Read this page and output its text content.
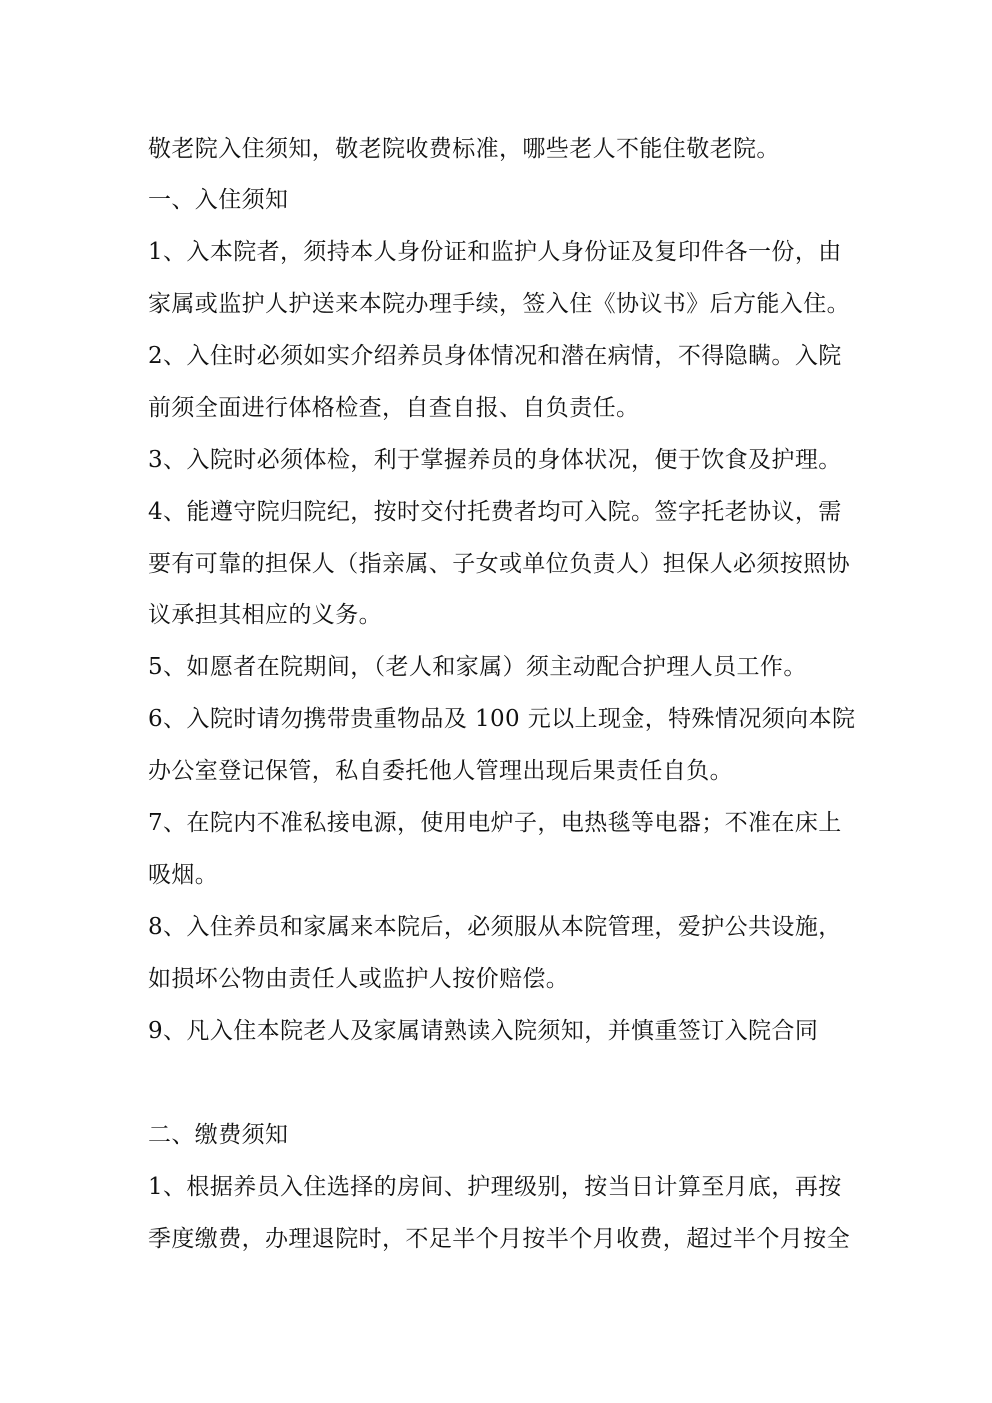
敬老院入住须知，敬老院收费标准，哪些老人不能住敬老院。
一、入住须知
1、入本院者，须持本人身份证和监护人身份证及复印件各一份，由
家属或监护人护送来本院办理手续，签入住《协议书》后方能入住。
2、入住时必须如实介绍养员身体情况和潜在病情，不得隐瞒。入院
前须全面进行体格检查，自查自报、自负责任。
3、入院时必须体检，利于掌握养员的身体状况，便于饮食及护理。
4、能遵守院归院纪，按时交付托费者均可入院。签字托老协议，需
要有可靠的担保人（指亲属、子女或单位负责人）担保人必须按照协
议承担其相应的义务。
5、如愿者在院期间，（老人和家属）须主动配合护理人员工作。
6、入院时请勿携带贵重物品及 100 元以上现金，特殊情况须向本院
办公室登记保管，私自委托他人管理出现后果责任自负。
7、在院内不准私接电源，使用电炉子，电热毯等电器；不准在床上
吸烟。
8、入住养员和家属来本院后，必须服从本院管理，爱护公共设施，
如损坏公物由责任人或监护人按价赔偿。
9、凡入住本院老人及家属请熟读入院须知，并慎重签订入院合同
二、缴费须知
1、根据养员入住选择的房间、护理级别，按当日计算至月底，再按
季度缴费，办理退院时，不足半个月按半个月收费，超过半个月按全
